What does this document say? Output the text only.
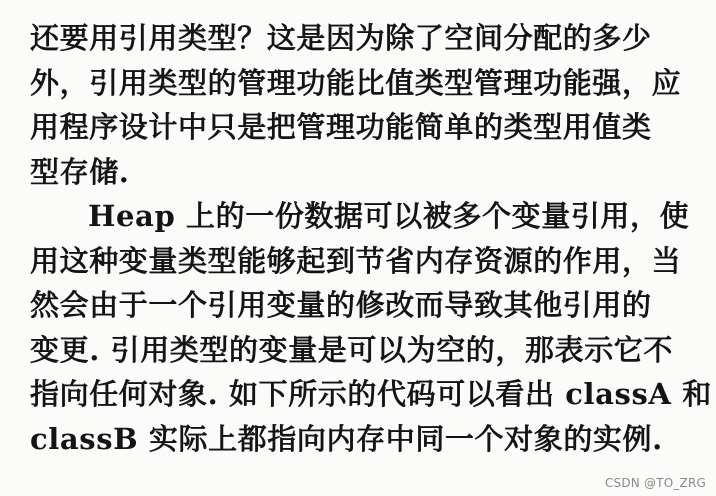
还要用引用类型？这是因为除了空间分配的多少
外，引用类型的管理功能比值类型管理功能强，应
用程序设计中只是把管理功能简单的类型用值类
型存储.
Heap 上的一份数据可以被多个变量引用，使
用这种变量类型能够起到节省内存资源的作用，当
然会由于一个引用变量的修改而导致其他引用的
变更. 引用类型的变量是可以为空的，那表示它不
指向任何对象. 如下所示的代码可以看出 classA 和
classB 实际上都指向内存中同一个对象的实例.
CSDN @TO_ZRG
